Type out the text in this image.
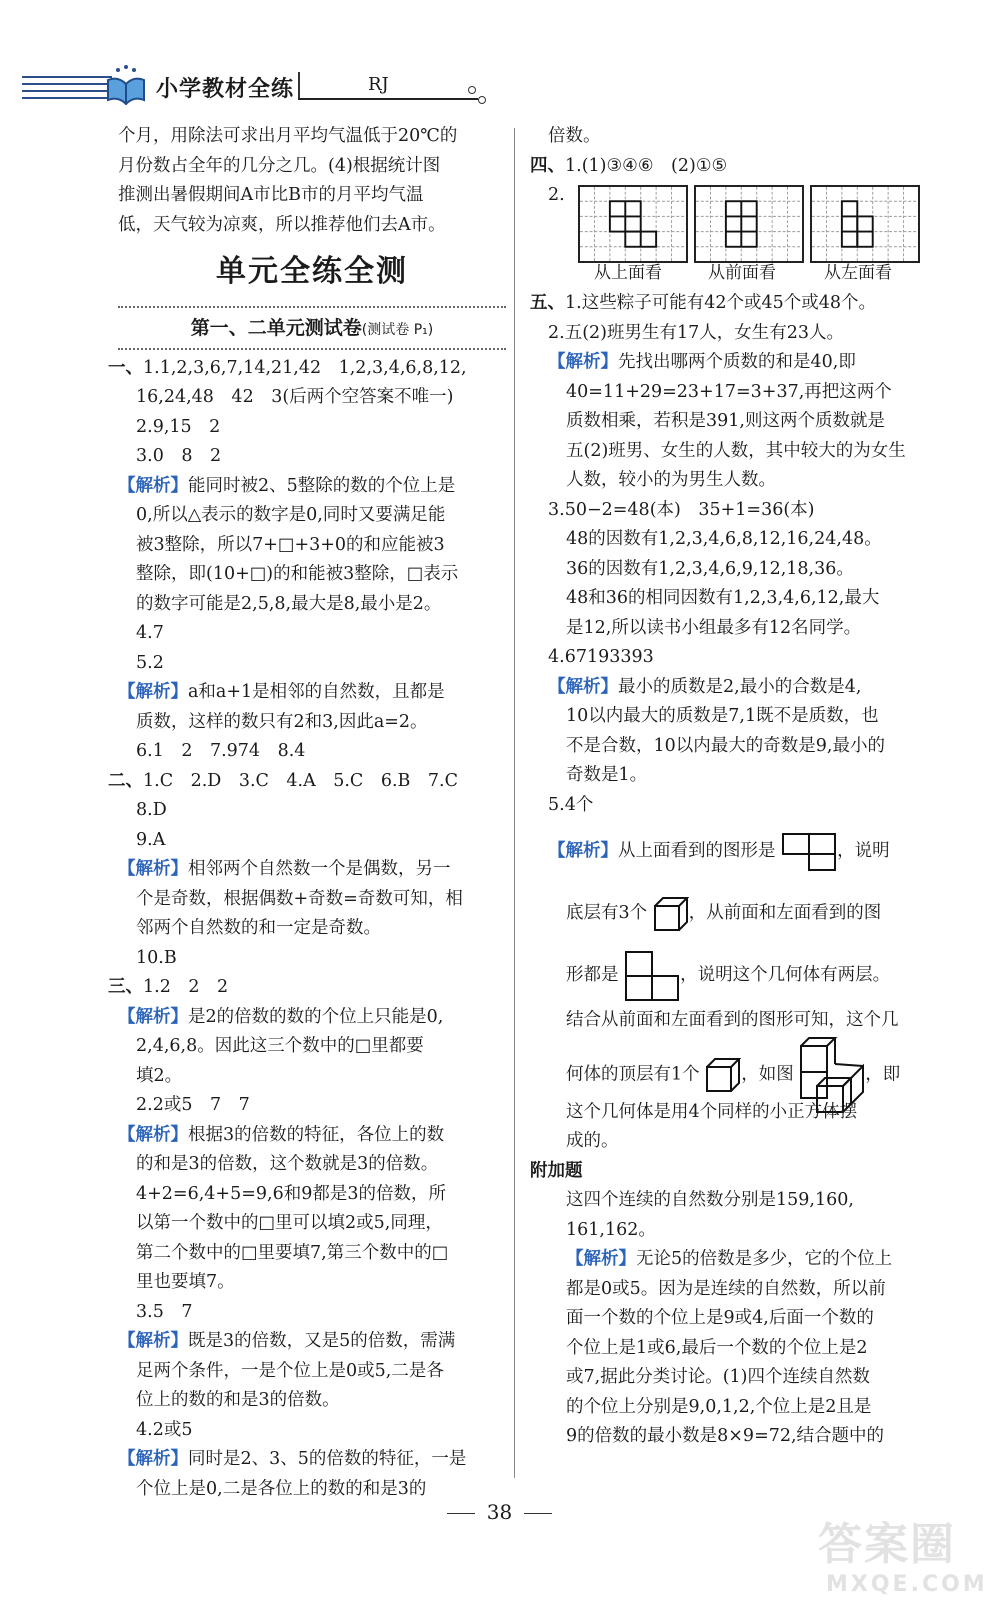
小学教材全练	RJ
个月，用除法可求出月平均气温低于20℃的
月份数占全年的几分之几。(4)根据统计图
推测出暑假期间A市比B市的月平均气温
低，天气较为凉爽，所以推荐他们去A市。
单元全练全测
第一、二单元测试卷(测试卷 P₁)
一、1.1,2,3,6,7,14,21,42　1,2,3,4,6,8,12,
16,24,48　42　3(后两个空答案不唯一)
2.9,15　2
3.0　8　2
【解析】能同时被2、5整除的数的个位上是
0,所以△表示的数字是0,同时又要满足能
被3整除，所以7+□+3+0的和应能被3
整除，即(10+□)的和能被3整除，□表示
的数字可能是2,5,8,最大是8,最小是2。
4.7
5.2
【解析】a和a+1是相邻的自然数，且都是
质数，这样的数只有2和3,因此a=2。
6.1　2　7.974　8.4
二、1.C　2.D　3.C　4.A　5.C　6.B　7.C
8.D
9.A
【解析】相邻两个自然数一个是偶数，另一
个是奇数，根据偶数+奇数=奇数可知，相
邻两个自然数的和一定是奇数。
10.B
三、1.2　2　2
【解析】是2的倍数的数的个位上只能是0,
2,4,6,8。因此这三个数中的□里都要
填2。
2.2或5　7　7
【解析】根据3的倍数的特征，各位上的数
的和是3的倍数，这个数就是3的倍数。
4+2=6,4+5=9,6和9都是3的倍数，所
以第一个数中的□里可以填2或5,同理，
第二个数中的□里要填7,第三个数中的□
里也要填7。
3.5　7
【解析】既是3的倍数，又是5的倍数，需满
足两个条件，一是个位上是0或5,二是各
位上的数的和是3的倍数。
4.2或5
【解析】同时是2、3、5的倍数的特征，一是
个位上是0,二是各位上的数的和是3的
倍数。
四、1.(1)③④⑥　(2)①⑤
2.
从上面看	从前面看	从左面看
五、1.这些粽子可能有42个或45个或48个。
2.五(2)班男生有17人，女生有23人。
【解析】先找出哪两个质数的和是40,即
40=11+29=23+17=3+37,再把这两个
质数相乘，若积是391,则这两个质数就是
五(2)班男、女生的人数，其中较大的为女生
人数，较小的为男生人数。
3.50−2=48(本)　35+1=36(本)
48的因数有1,2,3,4,6,8,12,16,24,48。
36的因数有1,2,3,4,6,9,12,18,36。
48和36的相同因数有1,2,3,4,6,12,最大
是12,所以读书小组最多有12名同学。
4.67193393
【解析】最小的质数是2,最小的合数是4,
10以内最大的质数是7,1既不是质数，也
不是合数，10以内最大的奇数是9,最小的
奇数是1。
5.4个
【解析】从上面看到的图形是	，说明
底层有3个 ，从前面和左面看到的图
形都是	，说明这个几何体有两层。
结合从前面和左面看到的图形可知，这个几
何体的顶层有1个 ，如图	，即
这个几何体是用4个同样的小正方体摆
成的。
附加题
这四个连续的自然数分别是159,160,
161,162。
【解析】无论5的倍数是多少，它的个位上
都是0或5。因为是连续的自然数，所以前
面一个数的个位上是9或4,后面一个数的
个位上是1或6,最后一个数的个位上是2
或7,据此分类讨论。(1)四个连续自然数
的个位上分别是9,0,1,2,个位上是2且是
9的倍数的最小数是8×9=72,结合题中的
38
答案圈
MXQE.COM
